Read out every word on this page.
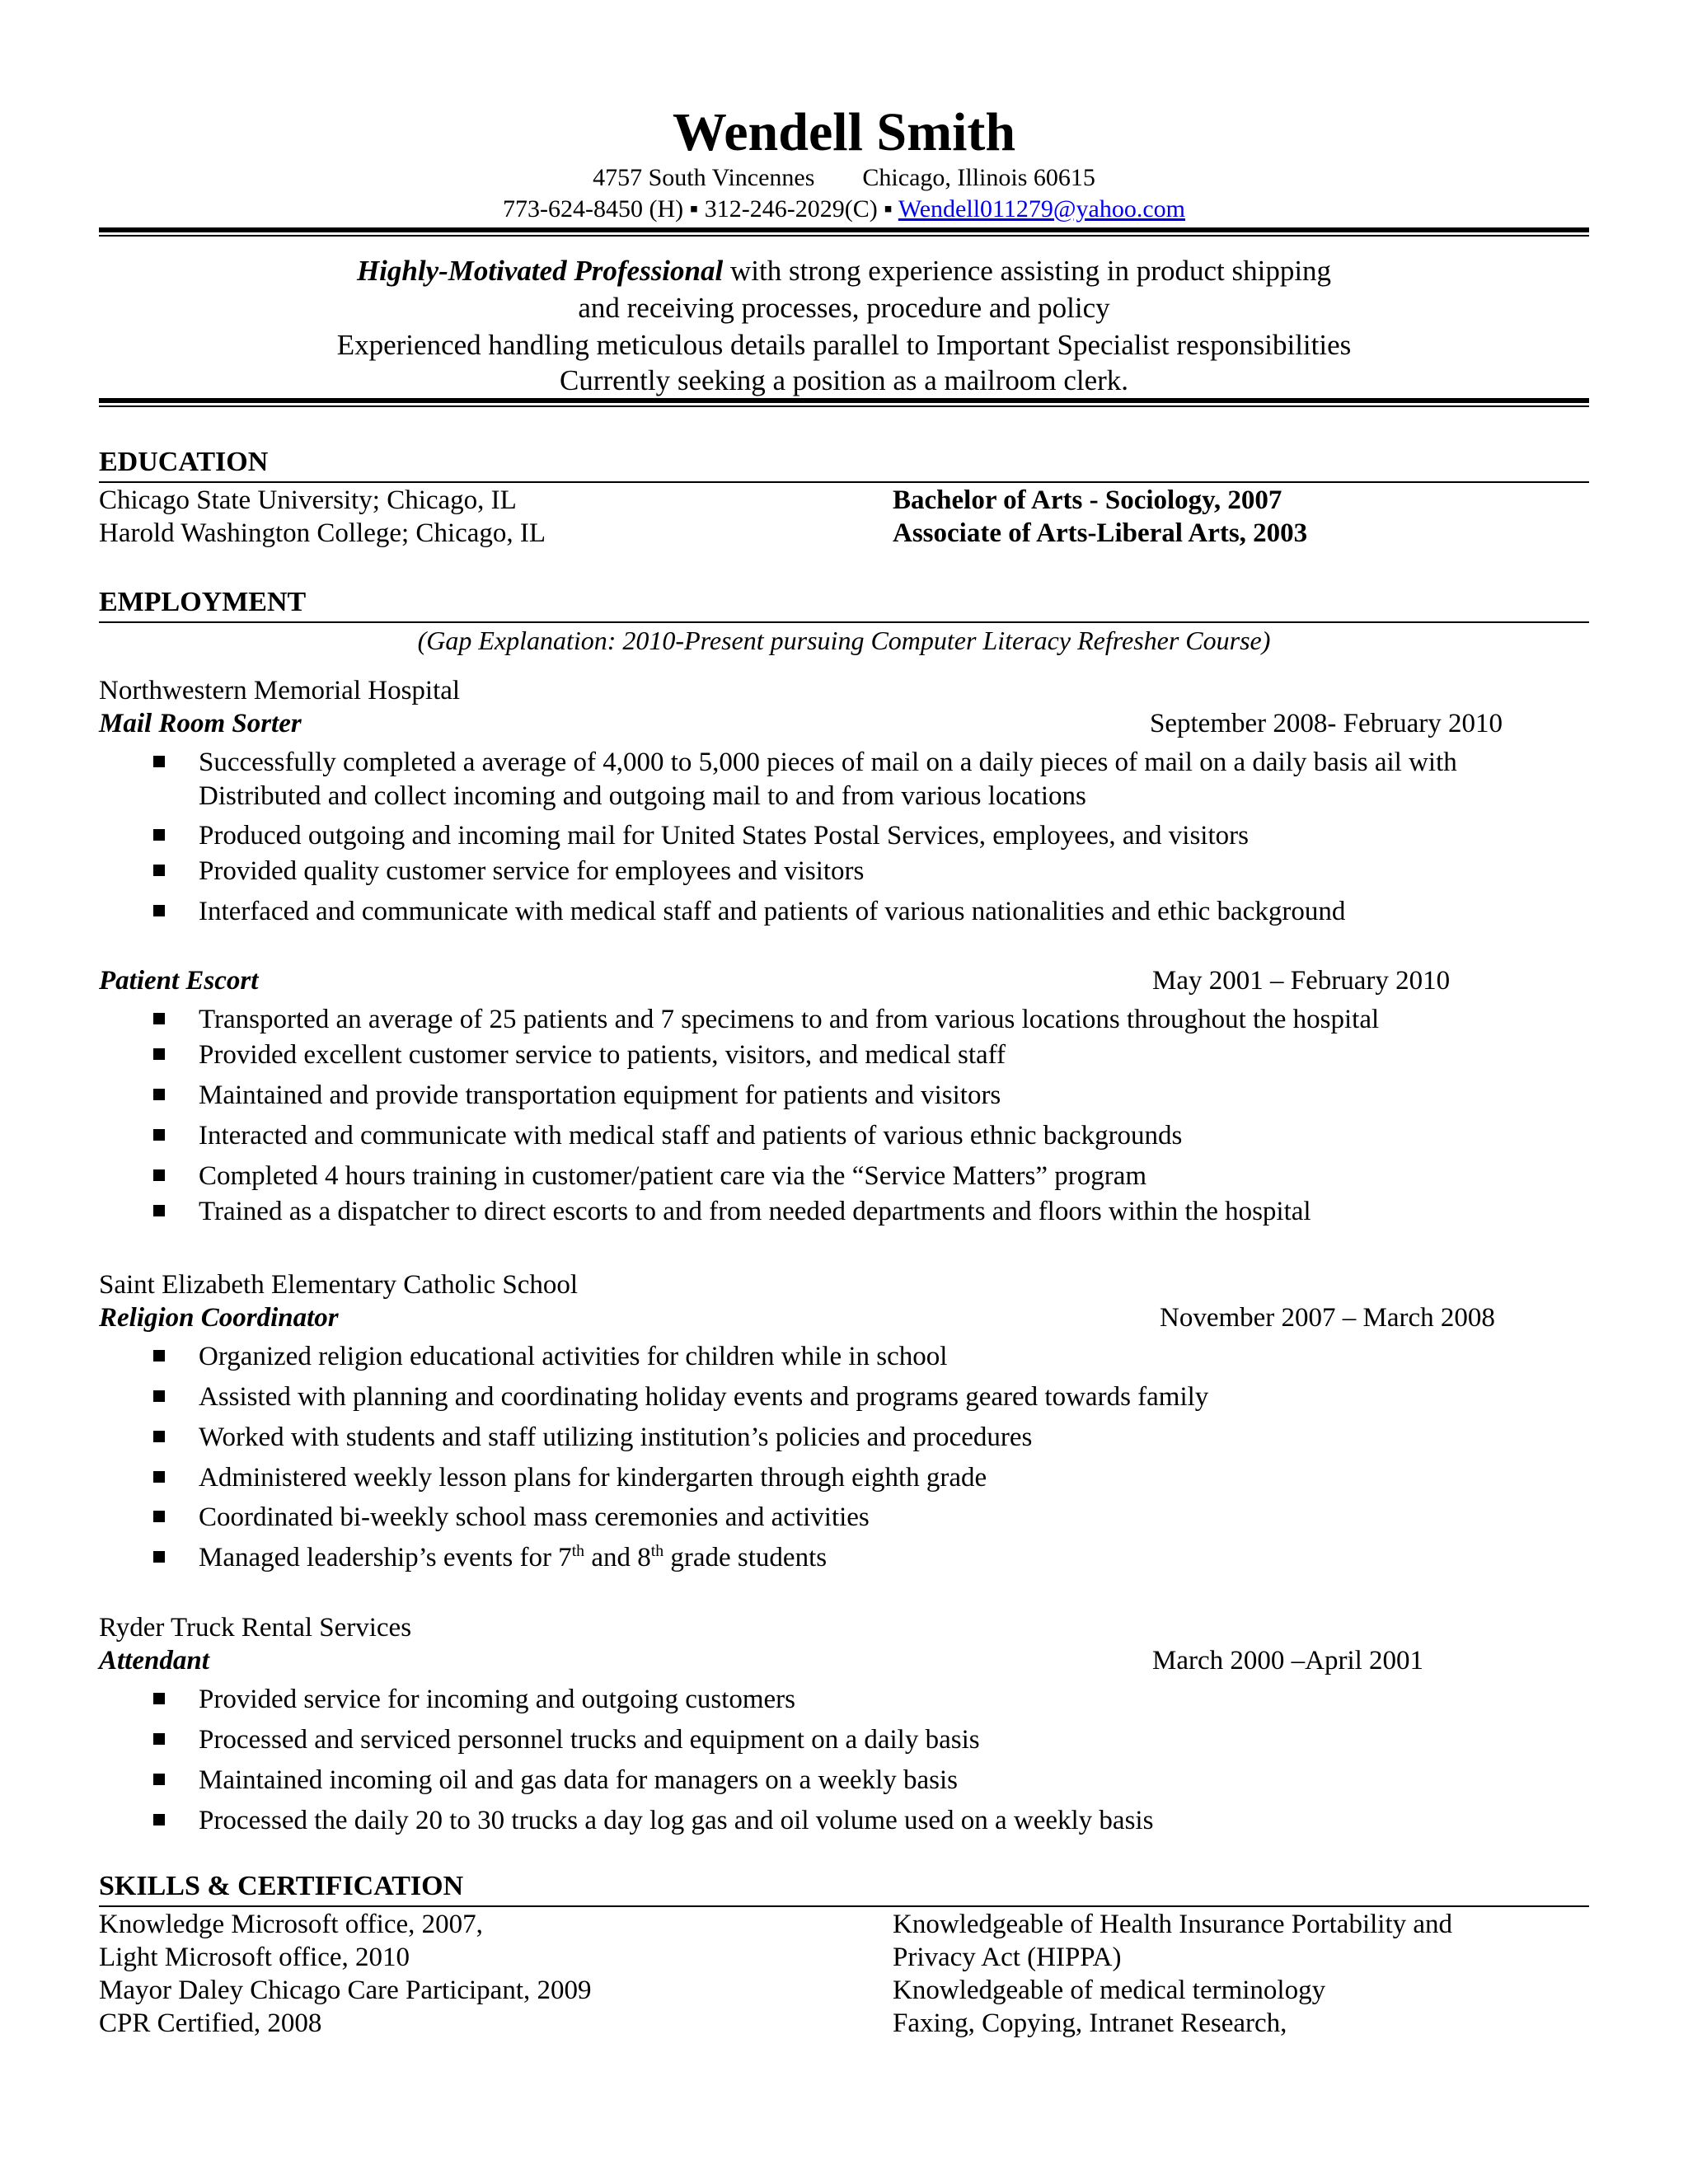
Wendell Smith
4757 South Vincennes Chicago, Illinois 60615
773-624-8450 (H) ▪ 312-246-2029(C) ▪ Wendell011279@yahoo.com
Highly-Motivated Professional with strong experience assisting in product shipping
and receiving processes, procedure and policy
Experienced handling meticulous details parallel to Important Specialist responsibilities
Currently seeking a position as a mailroom clerk.
EDUCATION
Chicago State University; Chicago, IL	Bachelor of Arts - Sociology, 2007
Harold Washington College; Chicago, IL	Associate of Arts-Liberal Arts, 2003
EMPLOYMENT
(Gap Explanation: 2010-Present pursuing Computer Literacy Refresher Course)
Northwestern Memorial Hospital
Mail Room Sorter	September 2008- February 2010
Successfully completed a average of 4,000 to 5,000 pieces of mail on a daily pieces of mail on a daily basis ail with
Distributed and collect incoming and outgoing mail to and from various locations
Produced outgoing and incoming mail for United States Postal Services, employees, and visitors
Provided quality customer service for employees and visitors
Interfaced and communicate with medical staff and patients of various nationalities and ethic background
Patient Escort	May 2001 – February 2010
Transported an average of 25 patients and 7 specimens to and from various locations throughout the hospital
Provided excellent customer service to patients, visitors, and medical staff
Maintained and provide transportation equipment for patients and visitors
Interacted and communicate with medical staff and patients of various ethnic backgrounds
Completed 4 hours training in customer/patient care via the “Service Matters” program
Trained as a dispatcher to direct escorts to and from needed departments and floors within the hospital
Saint Elizabeth Elementary Catholic School
Religion Coordinator	November 2007 – March 2008
Organized religion educational activities for children while in school
Assisted with planning and coordinating holiday events and programs geared towards family
Worked with students and staff utilizing institution’s policies and procedures
Administered weekly lesson plans for kindergarten through eighth grade
Coordinated bi-weekly school mass ceremonies and activities
Managed leadership’s events for 7th and 8th grade students
Ryder Truck Rental Services
Attendant	March 2000 –April 2001
Provided service for incoming and outgoing customers
Processed and serviced personnel trucks and equipment on a daily basis
Maintained incoming oil and gas data for managers on a weekly basis
Processed the daily 20 to 30 trucks a day log gas and oil volume used on a weekly basis
SKILLS & CERTIFICATION
Knowledge Microsoft office, 2007,
Light Microsoft office, 2010
Mayor Daley Chicago Care Participant, 2009
CPR Certified, 2008
Knowledgeable of Health Insurance Portability and
Privacy Act (HIPPA)
Knowledgeable of medical terminology
Faxing, Copying, Intranet Research,
